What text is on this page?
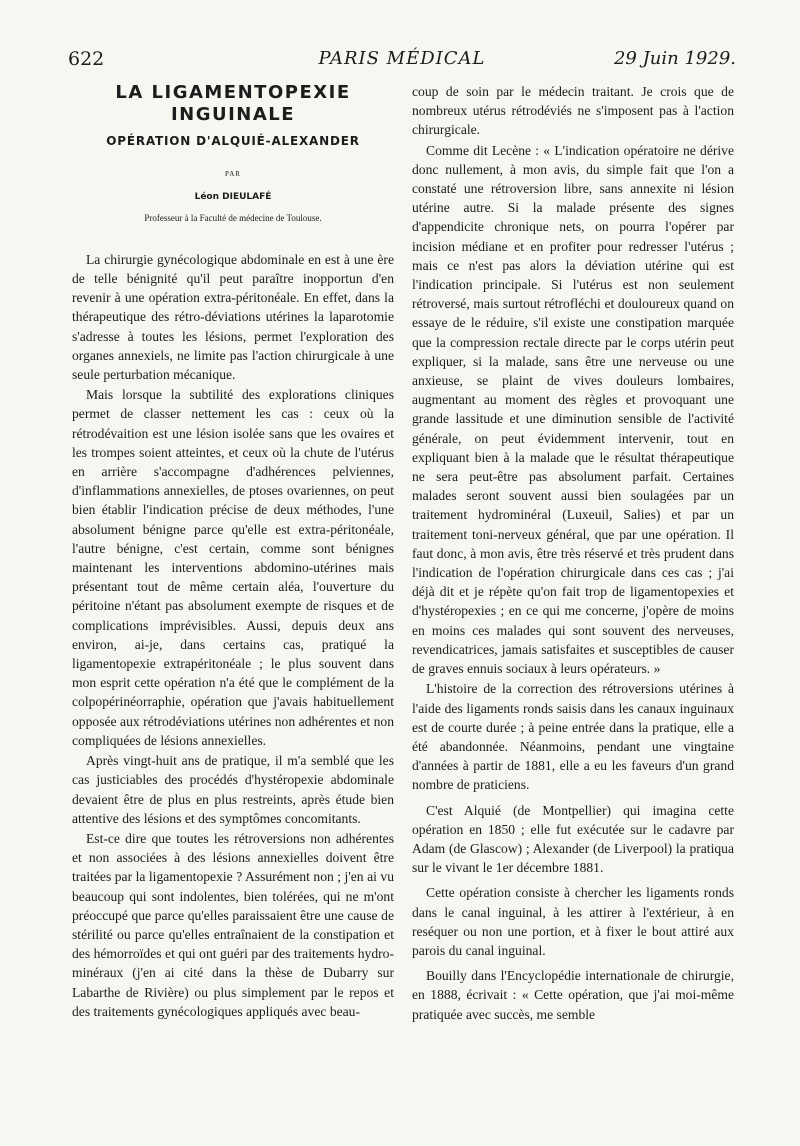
622	PARIS MÉDICAL	29 Juin 1929.
LA LIGAMENTOPEXIE INGUINALE
OPÉRATION D'ALQUIÉ-ALEXANDER
PAR
Léon DIEULAFÉ
Professeur à la Faculté de médecine de Toulouse.

La chirurgie gynécologique abdominale en est à une ère de telle bénignité qu'il peut paraître inopportun d'en revenir à une opération extra-péritonéale. En effet, dans la thérapeutique des rétro-déviations utérines la laparotomie s'adresse à toutes les lésions, permet l'exploration des organes annexiels, ne limite pas l'action chirurgicale à une seule perturbation mécanique.

Mais lorsque la subtilité des explorations cliniques permet de classer nettement les cas : ceux où la rétrodévaition est une lésion isolée sans que les ovaires et les trompes soient atteintes, et ceux où la chute de l'utérus en arrière s'accompagne d'adhérences pelviennes, d'inflammations annexielles, de ptoses ovariennes, on peut bien établir l'indication précise de deux méthodes, l'une absolument bénigne parce qu'elle est extra-péritonéale, l'autre bénigne, c'est certain, comme sont bénignes maintenant les interventions abdomino-utérines mais présentant tout de même certain aléa, l'ouverture du péritoine n'étant pas absolument exempte de risques et de complications imprévisibles. Aussi, depuis deux ans environ, ai-je, dans certains cas, pratiqué la ligamentopexie extrapéritonéale ; le plus souvent dans mon esprit cette opération n'a été que le complément de la colpopérinéorraphie, opération que j'avais habituellement opposée aux rétrodéviations utérines non adhérentes et non compliquées de lésions annexielles.

Après vingt-huit ans de pratique, il m'a semblé que les cas justiciables des procédés d'hystéropexie abdominale devaient être de plus en plus restreints, après étude bien attentive des lésions et des symptômes concomitants.

Est-ce dire que toutes les rétroversions non adhérentes et non associées à des lésions annexielles doivent être traitées par la ligamentopexie ? Assurément non ; j'en ai vu beaucoup qui sont indolentes, bien tolérées, qui ne m'ont préoccupé que parce qu'elles paraissaient être une cause de stérilité ou parce qu'elles entraînaient de la constipation et des hémorroïdes et qui ont guéri par des traitements hydro-minéraux (j'en ai cité dans la thèse de Dubarry sur Labarthe de Rivière) ou plus simplement par le repos et des traitements gynécologiques appliqués avec beau-

coup de soin par le médecin traitant. Je crois que de nombreux utérus rétrodéviés ne s'imposent pas à l'action chirurgicale.

Comme dit Lecène : « L'indication opératoire ne dérive donc nullement, à mon avis, du simple fait que l'on a constaté une rétroversion libre, sans annexite ni lésion utérine autre. Si la malade présente des signes d'appendicite chronique nets, on pourra l'opérer par incision médiane et en profiter pour redresser l'utérus ; mais ce n'est pas alors la déviation utérine qui est l'indication principale. Si l'utérus est non seulement rétroversé, mais surtout rétrofléchi et douloureux quand on essaye de le réduire, s'il existe une constipation marquée que la compression rectale directe par le corps utérin peut expliquer, si la malade, sans être une nerveuse ou une anxieuse, se plaint de vives douleurs lombaires, augmentant au moment des règles et provoquant une grande lassitude et une diminution sensible de l'activité générale, on peut évidemment intervenir, tout en expliquant bien à la malade que le résultat thérapeutique ne sera peut-être pas absolument parfait. Certaines malades seront souvent aussi bien soulagées par un traitement hydrominéral (Luxeuil, Salies) et par un traitement toni-nerveux général, que par une opération. Il faut donc, à mon avis, être très réservé et très prudent dans l'indication de l'opération chirurgicale dans ces cas ; j'ai déjà dit et je répète qu'on fait trop de ligamentopexies et d'hystéropexies ; en ce qui me concerne, j'opère de moins en moins ces malades qui sont souvent des nerveuses, revendicatrices, jamais satisfaites et susceptibles de causer de graves ennuis sociaux à leurs opérateurs. »

L'histoire de la correction des rétroversions utérines à l'aide des ligaments ronds saisis dans les canaux inguinaux est de courte durée ; à peine entrée dans la pratique, elle a été abandonnée. Néanmoins, pendant une vingtaine d'années à partir de 1881, elle a eu les faveurs d'un grand nombre de praticiens.

C'est Alquié (de Montpellier) qui imagina cette opération en 1850 ; elle fut exécutée sur le cadavre par Adam (de Glascow) ; Alexander (de Liverpool) la pratiqua sur le vivant le 1er décembre 1881.

Cette opération consiste à chercher les ligaments ronds dans le canal inguinal, à les attirer à l'extérieur, à en reséquer ou non une portion, et à fixer le bout attiré aux parois du canal inguinal.

Bouilly dans l'Encyclopédie internationale de chirurgie, en 1888, écrivait : « Cette opération, que j'ai moi-même pratiquée avec succès, me semble
